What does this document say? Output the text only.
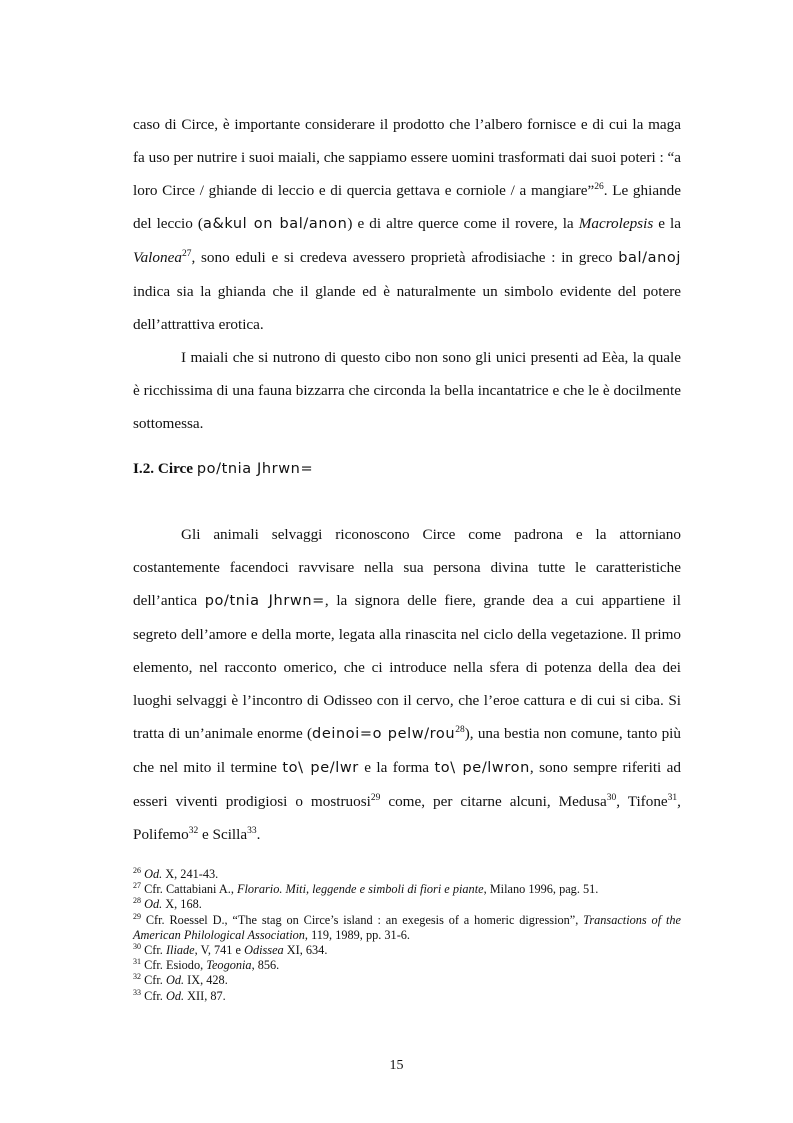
caso di Circe, è importante considerare il prodotto che l’albero fornisce e di cui la maga fa uso per nutrire i suoi maiali, che sappiamo essere uomini trasformati dai suoi poteri : “a loro Circe / ghiande di leccio e di quercia gettava e corniole / a mangiare”$^{26}$. Le ghiande del leccio (a&kul on bal/anon) e di altre querce come il rovere, la Macrolepsis e la Valonea$^{27}$, sono eduli e si credeva avessero proprietà afrodisiache : in greco bal/anoj indica sia la ghianda che il glande ed è naturalmente un simbolo evidente del potere dell’attrattiva erotica.

I maiali che si nutrono di questo cibo non sono gli unici presenti ad Eèa, la quale è ricchissima di una fauna bizzarra che circonda la bella incantatrice e che le è docilmente sottomessa.

I.2. Circe po/tnia Jhrwn=

Gli animali selvaggi riconoscono Circe come padrona e la attorniano costantemente facendoci ravvisare nella sua persona divina tutte le caratteristiche dell’antica po/tnia Jhrwn=, la signora delle fiere, grande dea a cui appartiene il segreto dell’amore e della morte, legata alla rinascita nel ciclo della vegetazione. Il primo elemento, nel racconto omerico, che ci introduce nella sfera di potenza della dea dei luoghi selvaggi è l’incontro di Odisseo con il cervo, che l’eroe cattura e di cui si ciba. Si tratta di un’animale enorme (deinoi=o pelw/rou$^{28}$), una bestia non comune, tanto più che nel mito il termine to\ pe/lwr e la forma to\ pe/lwron, sono sempre riferiti ad esseri viventi prodigiosi o mostruosi$^{29}$ come, per citarne alcuni, Medusa$^{30}$, Tifone$^{31}$, Polifemo$^{32}$ e Scilla$^{33}$.

$^{26}$ Od. X, 241-43.

$^{27}$ Cfr. Cattabiani A., Florario. Miti, leggende e simboli di fiori e piante, Milano 1996, pag. 51.

$^{28}$ Od. X, 168.

$^{29}$ Cfr. Roessel D., “The stag on Circe’s island : an exegesis of a homeric digression”, Transactions of the American Philological Association, 119, 1989, pp. 31-6.

$^{30}$ Cfr. Iliade, V, 741 e Odissea XI, 634.

$^{31}$ Cfr. Esiodo, Teogonia, 856.

$^{32}$ Cfr. Od. IX, 428.

$^{33}$ Cfr. Od. XII, 87.

15
